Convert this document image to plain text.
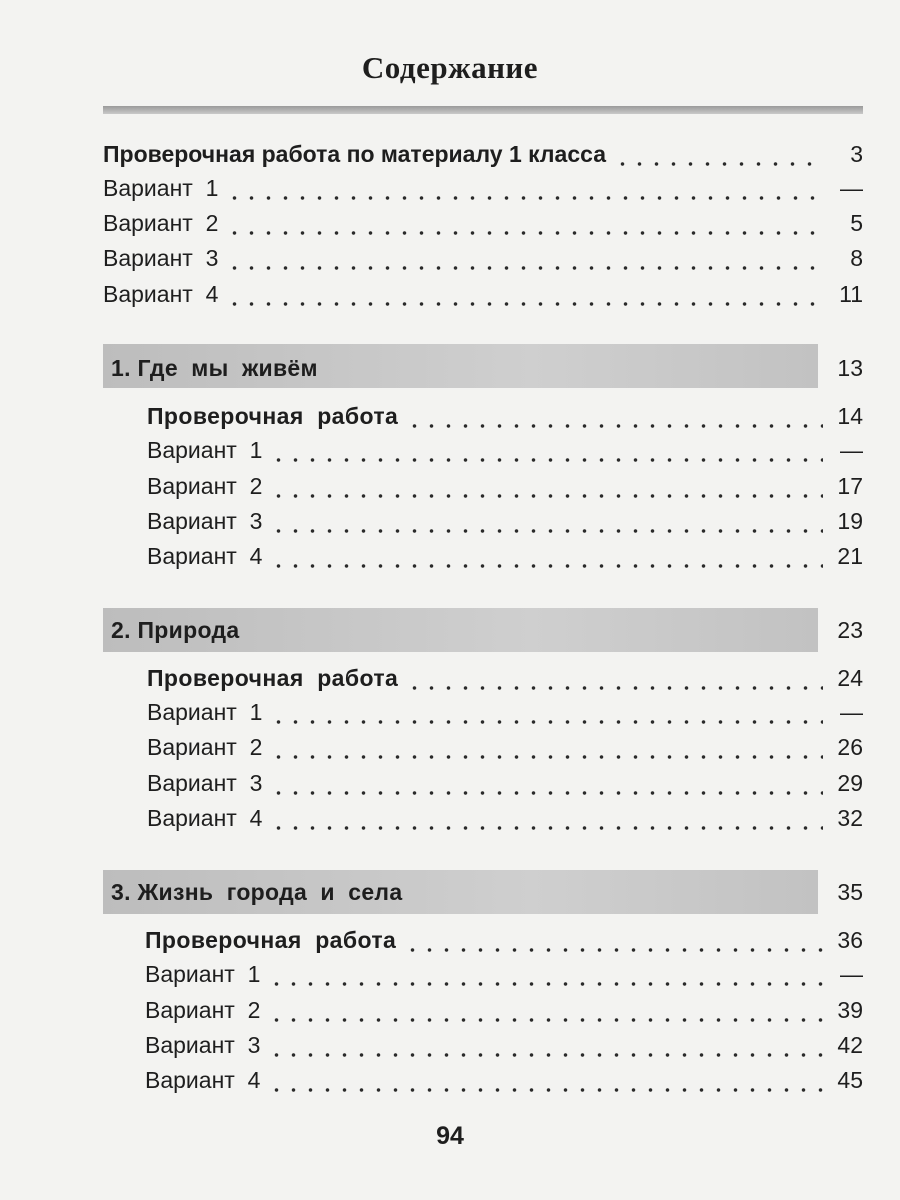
Содержание
Проверочная работа по материалу 1 класса	3
Вариант  1	—
Вариант  2	5
Вариант  3	8
Вариант  4	11
1. Где  мы  живём	13
Проверочная  работа	14
Вариант  1	—
Вариант  2	17
Вариант  3	19
Вариант  4	21
2. Природа	23
Проверочная  работа	24
Вариант  1	—
Вариант  2	26
Вариант  3	29
Вариант  4	32
3. Жизнь  города  и  села	35
Проверочная  работа	36
Вариант  1	—
Вариант  2	39
Вариант  3	42
Вариант  4	45
94
